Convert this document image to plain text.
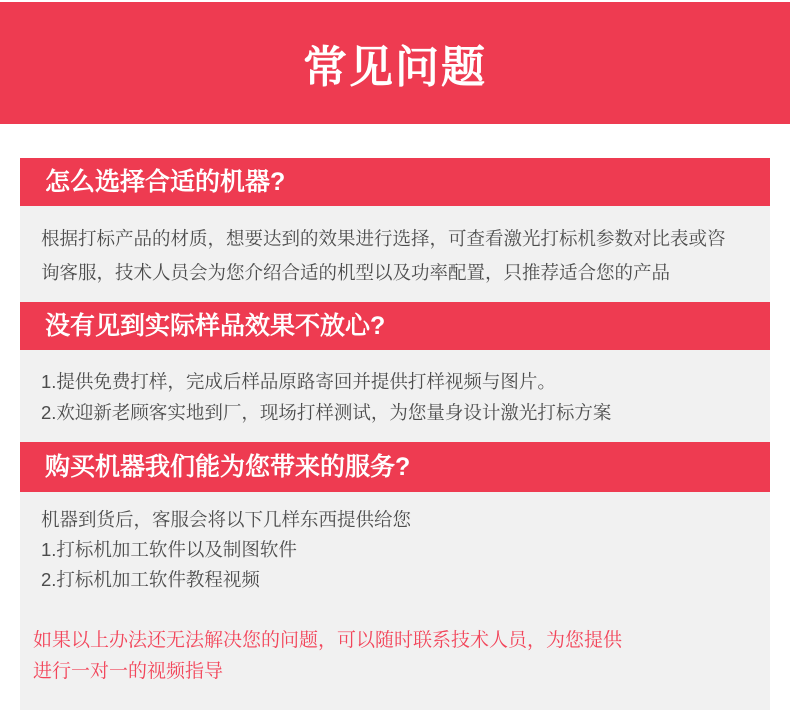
常见问题
怎么选择合适的机器?

根据打标产品的材质，想要达到的效果进行选择，可查看激光打标机参数对比表或咨

询客服，技术人员会为您介绍合适的机型以及功率配置，只推荐适合您的产品

没有见到实际样品效果不放心?

1.提供免费打样，完成后样品原路寄回并提供打样视频与图片。

2.欢迎新老顾客实地到厂，现场打样测试，为您量身设计激光打标方案

购买机器我们能为您带来的服务?

机器到货后，客服会将以下几样东西提供给您

1.打标机加工软件以及制图软件

2.打标机加工软件教程视频

如果以上办法还无法解决您的问题，可以随时联系技术人员，为您提供

进行一对一的视频指导
